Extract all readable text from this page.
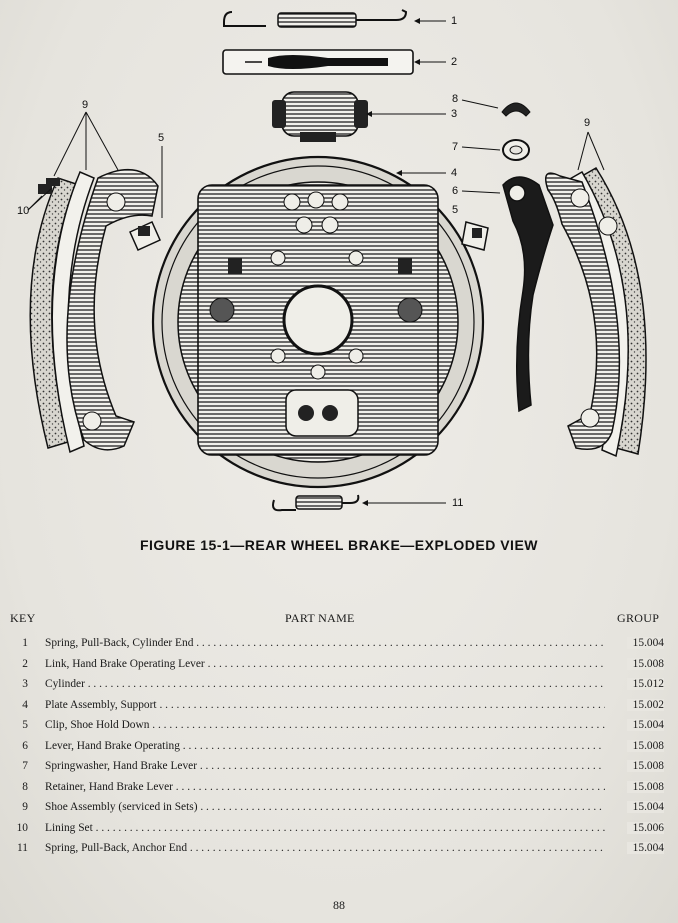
1
2
3
4
5
5
6
7
8
9
9
10
11
FIGURE 15-1—REAR WHEEL BRAKE—EXPLODED VIEW
KEY	PART NAME	GROUP
1 Spring, Pull-Back, Cylinder End . . .	15.004
2 Link, Hand Brake Operating Lever . . .	15.008
3 Cylinder . . .	15.012
4 Plate Assembly, Support . . .	15.002
5 Clip, Shoe Hold Down . . .	15.004
6 Lever, Hand Brake Operating . . .	15.008
7 Springwasher, Hand Brake Lever . . .	15.008
8 Retainer, Hand Brake Lever . . .	15.008
9 Shoe Assembly (serviced in Sets) . . .	15.004
10 Lining Set . . .	15.006
11 Spring, Pull-Back, Anchor End . . .	15.004
88
